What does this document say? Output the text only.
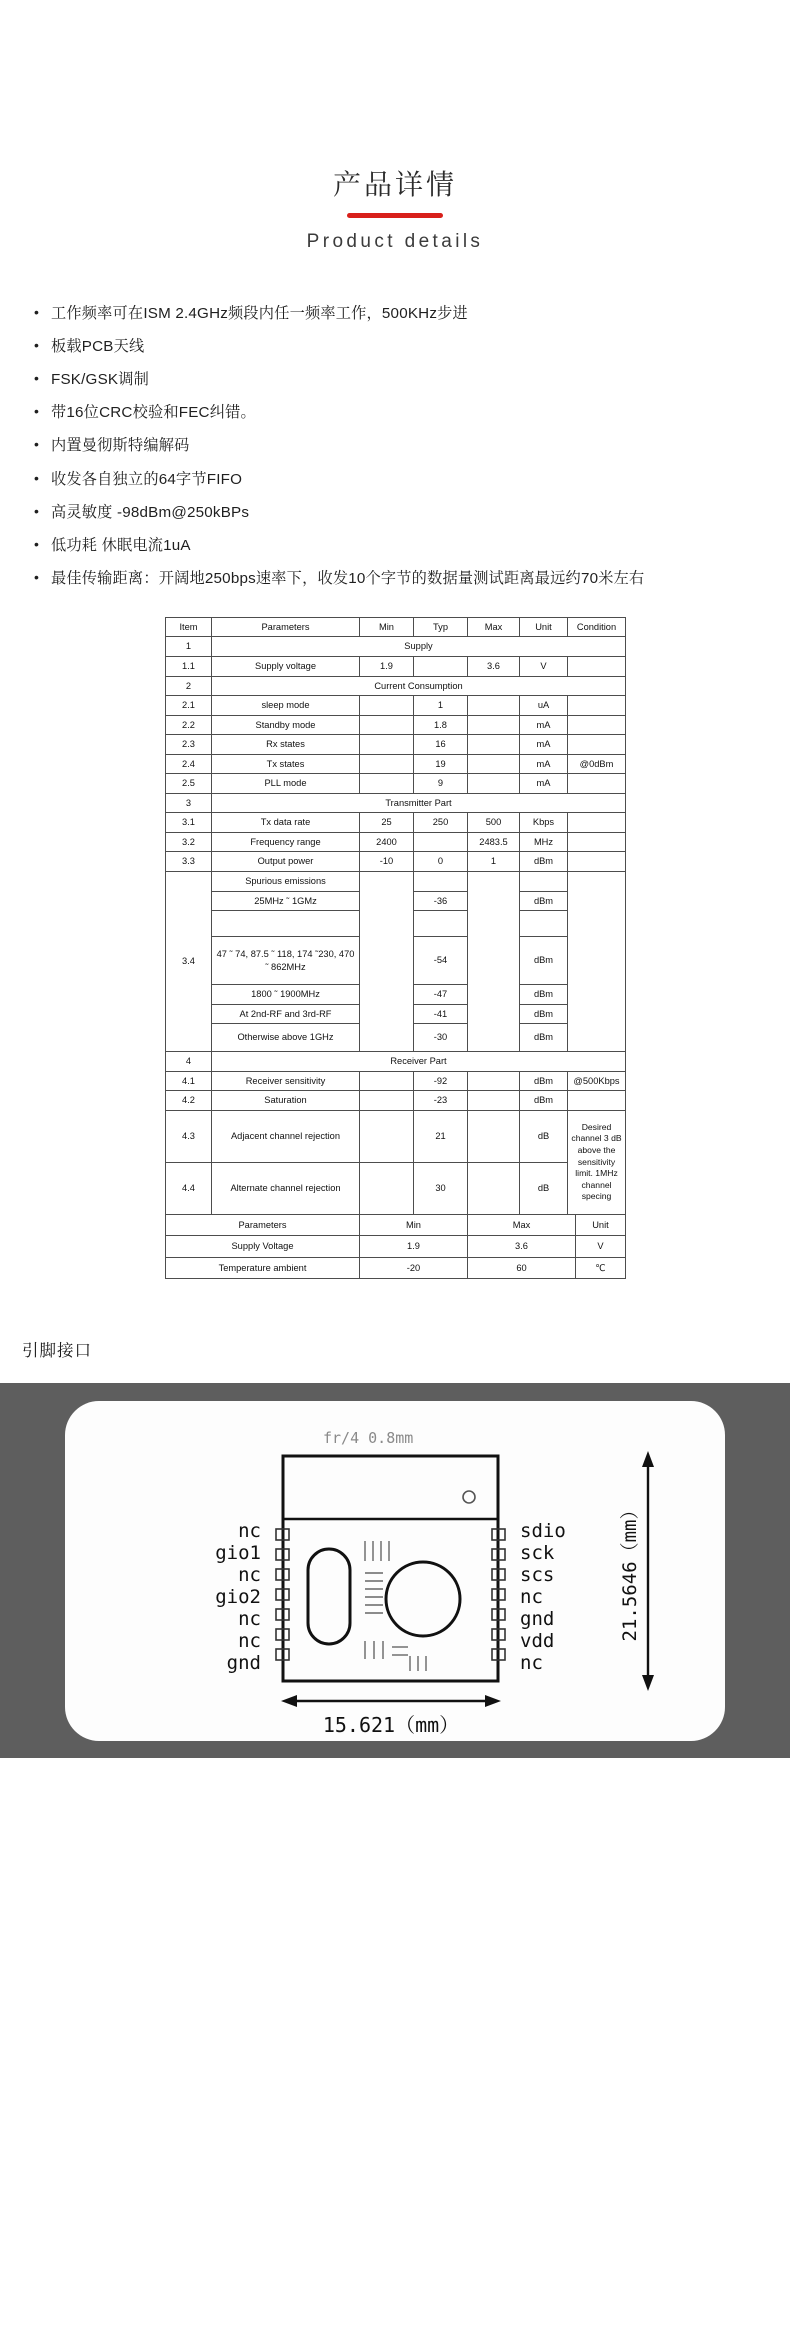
产品详情
Product details
• 工作频率可在ISM 2.4GHz频段内任一频率工作，500KHz步进
• 板载PCB天线
• FSK/GSK调制
• 带16位CRC校验和FEC纠错。
• 内置曼彻斯特编解码
• 收发各自独立的64字节FIFO
• 高灵敏度 -98dBm@250kBPs
• 低功耗 休眠电流1uA
• 最佳传输距离：开阔地250bps速率下，收发10个字节的数据量测试距离最远约70米左右
Item	Parameters	Min	Typ	Max	Unit	Condition
1	Supply					
1.1	Supply voltage	1.9		3.6	V	
2	Current Consumption					
2.1	sleep mode		1		uA	
2.2	Standby mode		1.8		mA	
2.3	Rx states		16		mA	
2.4	Tx states		19		mA	@0dBm
2.5	PLL mode		9		mA	
3	Transmitter Part					
3.1	Tx data rate	25	250	500	Kbps	
3.2	Frequency range	2400		2483.5	MHz	
3.3	Output power	-10	0	1	dBm	
3.4	Spurious emissions					
	25MHz ˜ 1GMz		-36		dBm	

	47 ˜ 74, 87.5 ˜ 118, 174 ˜230, 470 ˜ 862MHz		-54		dBm	
	1800 ˜ 1900MHz		-47		dBm	
	At 2nd-RF and 3rd-RF		-41		dBm	
	Otherwise above 1GHz		-30		dBm	
4	Receiver Part					
4.1	Receiver sensitivity		-92		dBm	@500Kbps
4.2	Saturation		-23		dBm	
4.3	Adjacent channel rejection		21		dB	Desired channel 3 dB above the sensitivity limit. 1MHz channel specing
4.4	Alternate channel rejection		30		dB	
Parameters	Min	Max	Unit
Supply Voltage	1.9	3.6	V
Temperature ambient	-20	60	℃
引脚接口
fr/4 0.8mm
nc
gio1
nc
gio2
nc
nc
gnd
sdio
sck
scs
nc
gnd
vdd
nc
21.5646（mm）
15.621（mm）
